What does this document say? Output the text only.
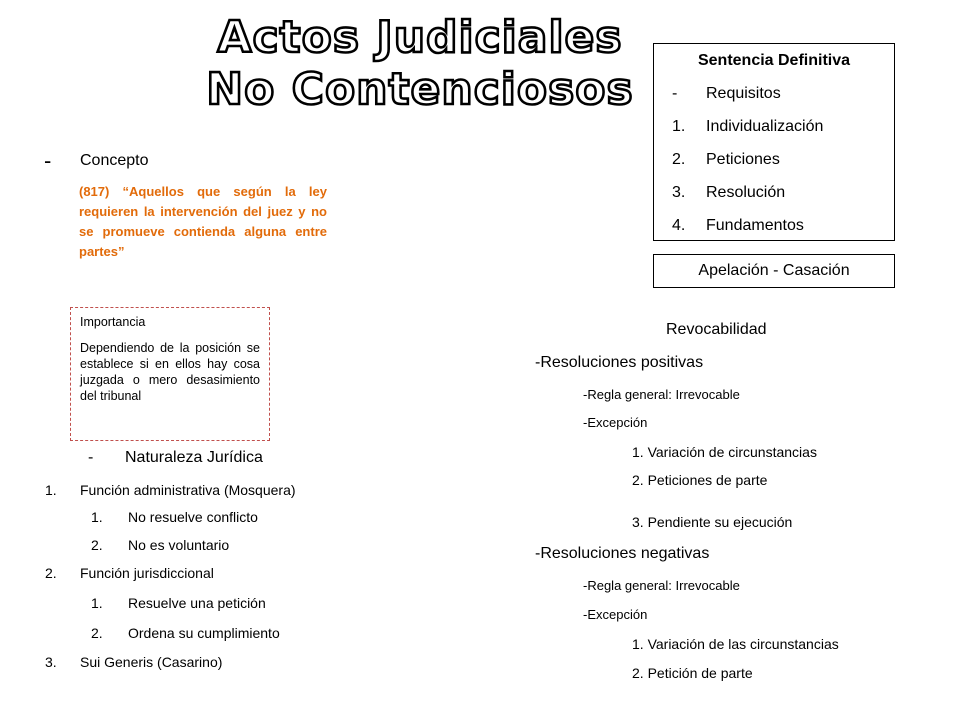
Actos Judiciales
No Contenciosos
Sentencia Definitiva
- Requisitos
1. Individualización
2. Peticiones
3. Resolución
4. Fundamentos
Apelación - Casación
- Concepto
(817) “Aquellos que según la ley requieren la intervención del juez y no se promueve contienda alguna entre partes”
Importancia
Dependiendo de la posición se establece si en ellos hay cosa juzgada o mero desasimiento del tribunal
- Naturaleza Jurídica
1. Función administrativa (Mosquera)
1. No resuelve conflicto
2. No es voluntario
2. Función jurisdiccional
1. Resuelve una petición
2. Ordena su cumplimiento
3. Sui Generis (Casarino)
Revocabilidad
-Resoluciones positivas
-Regla general: Irrevocable
-Excepción
1. Variación de circunstancias
2. Peticiones de parte
3. Pendiente su ejecución
-Resoluciones negativas
-Regla general: Irrevocable
-Excepción
1. Variación de las circunstancias
2. Petición de parte
